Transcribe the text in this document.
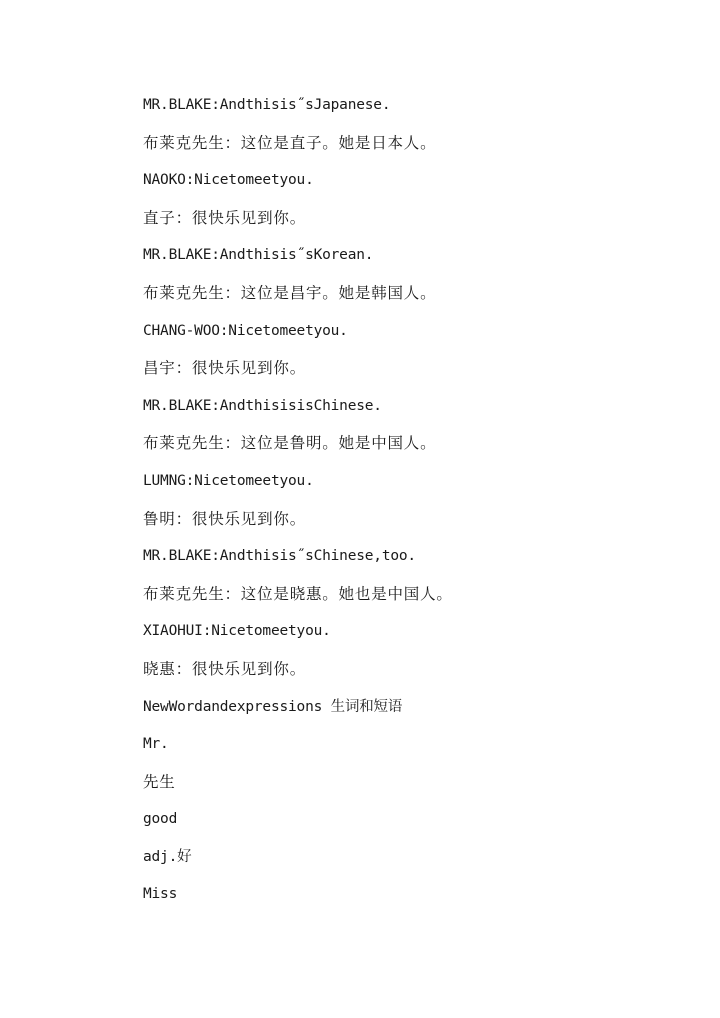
MR.BLAKE:Andthisis˝sJapanese.
布莱克先生：这位是直子。她是日本人。
NAOKO:Nicetomeetyou.
直子：很快乐见到你。
MR.BLAKE:Andthisis˝sKorean.
布莱克先生：这位是昌宇。她是韩国人。
CHANG-WOO:Nicetomeetyou.
昌宇：很快乐见到你。
MR.BLAKE:AndthisisisChinese.
布莱克先生：这位是鲁明。她是中国人。
LUMNG:Nicetomeetyou.
鲁明：很快乐见到你。
MR.BLAKE:Andthisis˝sChinese,too.
布莱克先生：这位是晓惠。她也是中国人。
XIAOHUI:Nicetomeetyou.
晓惠：很快乐见到你。
NewWordandexpressions 生词和短语
Mr.
先生
good
adj.好
Miss
